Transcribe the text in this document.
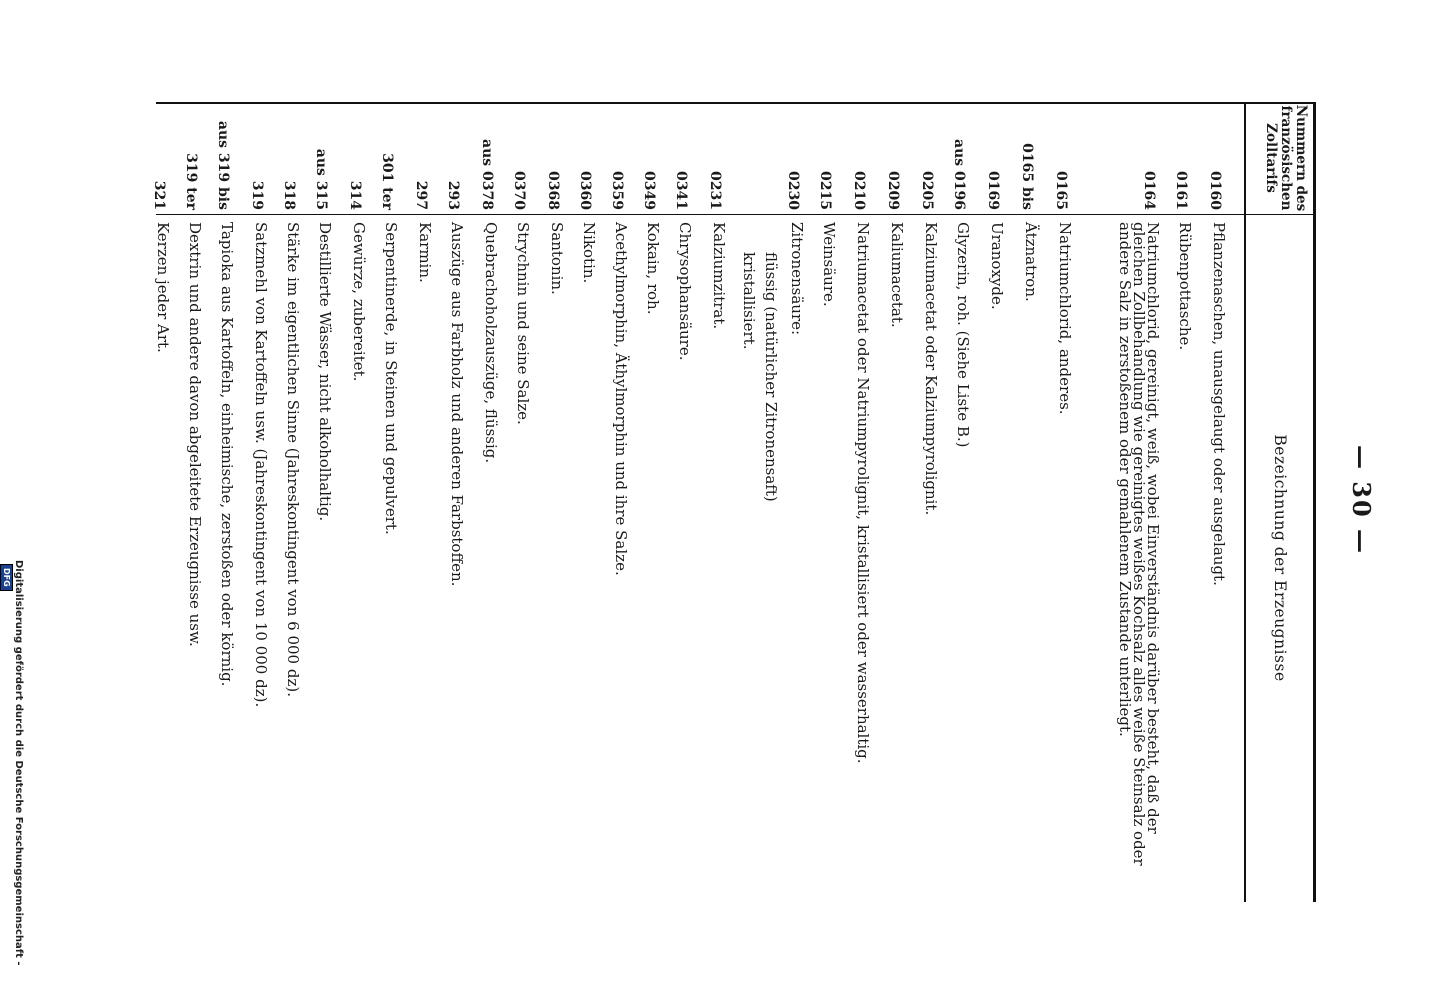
— 30 —
Nummern des französischen Zolltarifs
Bezeichnung der Erzeugnisse
0160
Pflanzenaschen, unausgelaugt oder ausgelaugt.
0161
Rübenpottasche.
0164
Natriumchlorid, gereinigt, weiß, wobei Einverständnis darüber besteht, daß der gleichen Zollbehandlung wie gereinigtes weißes Kochsalz alles weiße Steinsalz oder andere Salz in zerstoßenem oder gemahlenem Zustande unterliegt.
0165
Natriumchlorid, anderes.
0165 bis
Ätznatron.
0169
Uranoxyde.
aus 0196
Glyzerin, roh. (Siehe Liste B.)
0205
Kalziumacetat oder Kalziumpyrolignit.
0209
Kaliumacetat.
0210
Natriumacetat oder Natriumpyrolignit, kristallisiert oder wasserhaltig.
0215
Weinsäure.
0230
Zitronensäure:
flüssig (natürlicher Zitronensaft)
kristallisiert.
0231
Kalziumzitrat.
0341
Chrysophansäure.
0349
Kokain, roh.
0359
Acethylmorphin, Äthylmorphin und ihre Salze.
0360
Nikotin.
0368
Santonin.
0370
Strychnin und seine Salze.
aus 0378
Quebrachoholzauszüge, flüssig.
293
Auszüge aus Farbholz und anderen Farbstoffen.
297
Karmin.
301 ter
Serpentinerde, in Steinen und gepulvert.
314
Gewürze, zubereitet.
aus 315
Destillierte Wässer, nicht alkoholhaltig.
318
Stärke im eigentlichen Sinne (Jahreskontingent von 6 000 dz).
319
Satzmehl von Kartoffeln usw. (Jahreskontingent von 10 000 dz).
aus 319 bis
Tapioka aus Kartoffeln, einheimische, zerstoßen oder körnig.
319 ter
Dextrin und andere davon abgeleitete Erzeugnisse usw.
321
Kerzen jeder Art.
Digitalisierung gefördert durch die Deutsche Forschungsgemeinschaft - DFG
